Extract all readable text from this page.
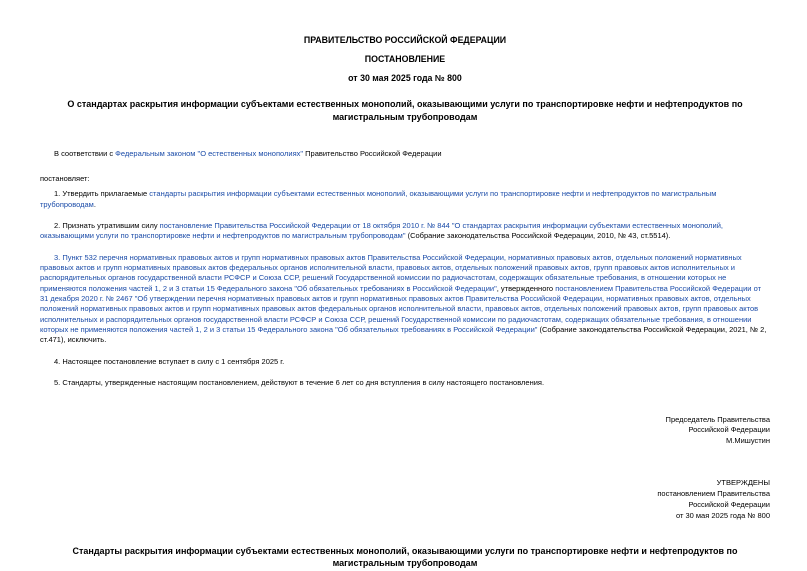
ПРАВИТЕЛЬСТВО РОССИЙСКОЙ ФЕДЕРАЦИИ
ПОСТАНОВЛЕНИЕ
от 30 мая 2025 года № 800
О стандартах раскрытия информации субъектами естественных монополий, оказывающими услуги по транспортировке нефти и нефтепродуктов по магистральным трубопроводам

В соответствии с Федеральным законом "О естественных монополиях" Правительство Российской Федерации

постановляет:

1. Утвердить прилагаемые стандарты раскрытия информации субъектами естественных монополий, оказывающими услуги по транспортировке нефти и нефтепродуктов по магистральным трубопроводам.

2. Признать утратившим силу постановление Правительства Российской Федерации от 18 октября 2010 г. № 844 "О стандартах раскрытия информации субъектами естественных монополий, оказывающими услуги по транспортировке нефти и нефтепродуктов по магистральным трубопроводам" (Собрание законодательства Российской Федерации, 2010, № 43, ст.5514).

3. Пункт 532 перечня нормативных правовых актов и групп нормативных правовых актов Правительства Российской Федерации, нормативных правовых актов, отдельных положений нормативных правовых актов и групп нормативных правовых актов федеральных органов исполнительной власти, правовых актов, отдельных положений правовых актов, групп правовых актов исполнительных и распорядительных органов государственной власти РСФСР и Союза ССР, решений Государственной комиссии по радиочастотам, содержащих обязательные требования, в отношении которых не применяются положения частей 1, 2 и 3 статьи 15 Федерального закона "Об обязательных требованиях в Российской Федерации", утвержденного постановлением Правительства Российской Федерации от 31 декабря 2020 г. № 2467 "Об утверждении перечня нормативных правовых актов и групп нормативных правовых актов Правительства Российской Федерации, нормативных правовых актов, отдельных положений нормативных правовых актов и групп нормативных правовых актов федеральных органов исполнительной власти, правовых актов, отдельных положений правовых актов, групп правовых актов исполнительных и распорядительных органов государственной власти РСФСР и Союза ССР, решений Государственной комиссии по радиочастотам, содержащих обязательные требования, в отношении которых не применяются положения частей 1, 2 и 3 статьи 15 Федерального закона "Об обязательных требованиях в Российской Федерации" (Собрание законодательства Российской Федерации, 2021, № 2, ст.471), исключить.

4. Настоящее постановление вступает в силу с 1 сентября 2025 г.

5. Стандарты, утвержденные настоящим постановлением, действуют в течение 6 лет со дня вступления в силу настоящего постановления.

Председатель Правительства
Российской Федерации
М.Мишустин
УТВЕРЖДЕНЫ
постановлением Правительства
Российской Федерации
от 30 мая 2025 года № 800
Стандарты раскрытия информации субъектами естественных монополий, оказывающими услуги по транспортировке нефти и нефтепродуктов по магистральным трубопроводам
